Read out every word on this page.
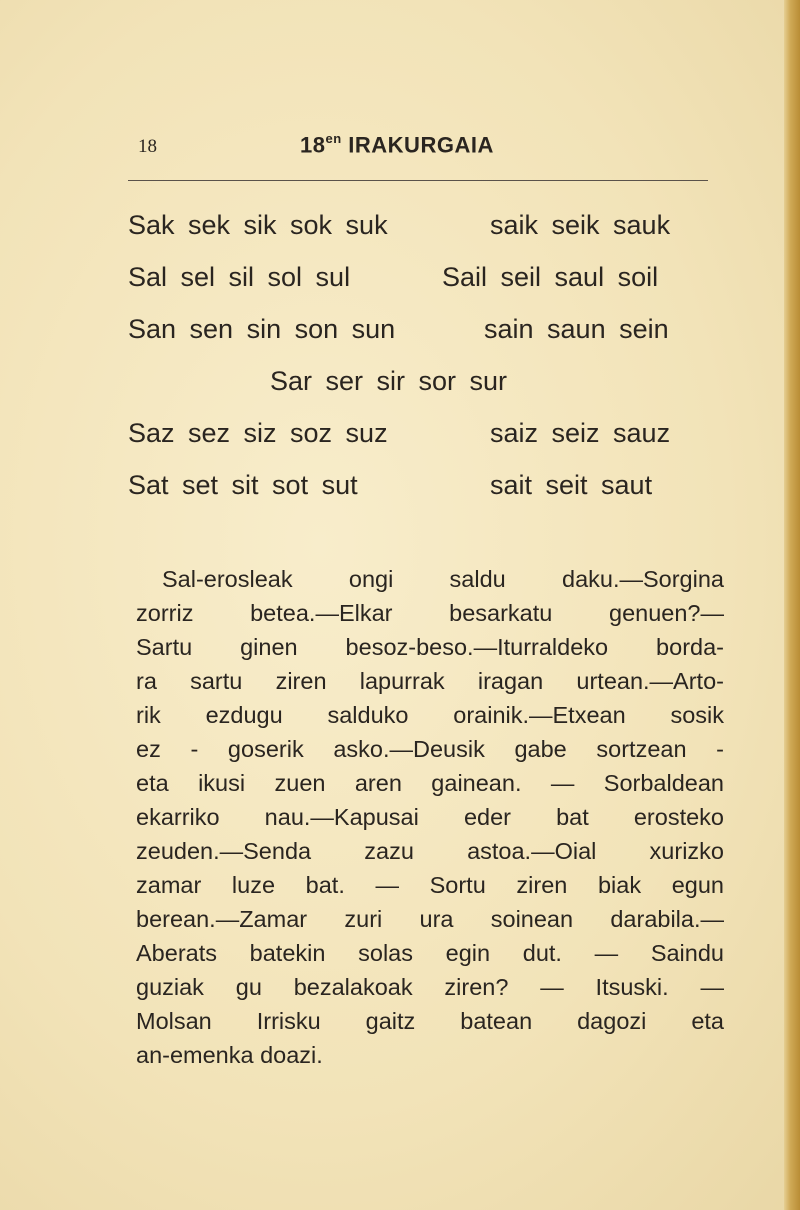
18	$18^{en}$ IRAKURGAIA
Sak sek sik sok suk	saik seik sauk
Sal sel sil sol sul	Sail seil saul soil
San sen sin son sun	sain saun sein
Sar ser sir sor sur
Saz sez siz soz suz	saiz seiz sauz
Sat set sit sot sut	sait seit saut
Sal-erosleak ongi saldu daku.—Sorgina
zorriz betea.—Elkar besarkatu genuen?—
Sartu ginen besoz-beso.—Iturraldeko borda-
ra sartu ziren lapurrak iragan urtean.—Arto-
rik ezdugu salduko orainik.—Etxean sosik
ez - goserik asko.—Deusik gabe sortzean -
eta ikusi zuen aren gainean. — Sorbaldean
ekarriko nau.—Kapusai eder bat erosteko
zeuden.—Senda zazu astoa.—Oial xurizko
zamar luze bat. — Sortu ziren biak egun
berean.—Zamar zuri ura soinean darabila.—
Aberats batekin solas egin dut. — Saindu
guziak gu bezalakoak ziren? — Itsuski. —
Molsan Irrisku gaitz batean dagozi eta
an-emenka doazi.
